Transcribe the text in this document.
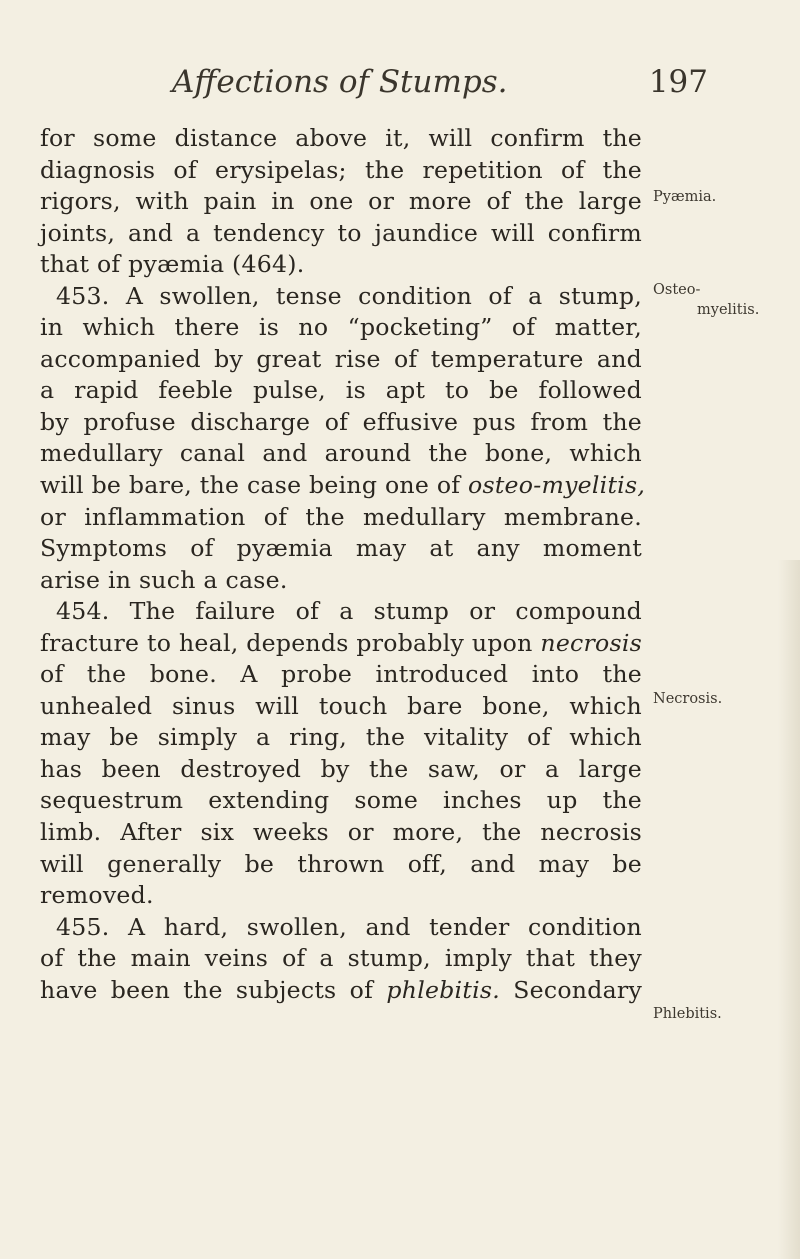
Affections of Stumps.	197
for some distance above it, will confirm the
diagnosis of erysipelas; the repetition of the
rigors, with pain in one or more of the large
joints, and a tendency to jaundice will confirm
that of pyæmia (464).
453. A swollen, tense condition of a stump,
in which there is no “pocketing” of matter,
accompanied by great rise of temperature and
a rapid feeble pulse, is apt to be followed
by profuse discharge of effusive pus from the
medullary canal and around the bone, which
will be bare, the case being one of osteo-myelitis,
or inflammation of the medullary membrane.
Symptoms of pyæmia may at any moment
arise in such a case.
454. The failure of a stump or compound
fracture to heal, depends probably upon necrosis
of the bone. A probe introduced into the
unhealed sinus will touch bare bone, which
may be simply a ring, the vitality of which
has been destroyed by the saw, or a large
sequestrum extending some inches up the
limb. After six weeks or more, the necrosis
will generally be thrown off, and may be
removed.
455. A hard, swollen, and tender condition
of the main veins of a stump, imply that they
have been the subjects of phlebitis. Secondary
Pyæmia.
Osteo-
myelitis.
Necrosis.
Phlebitis.
